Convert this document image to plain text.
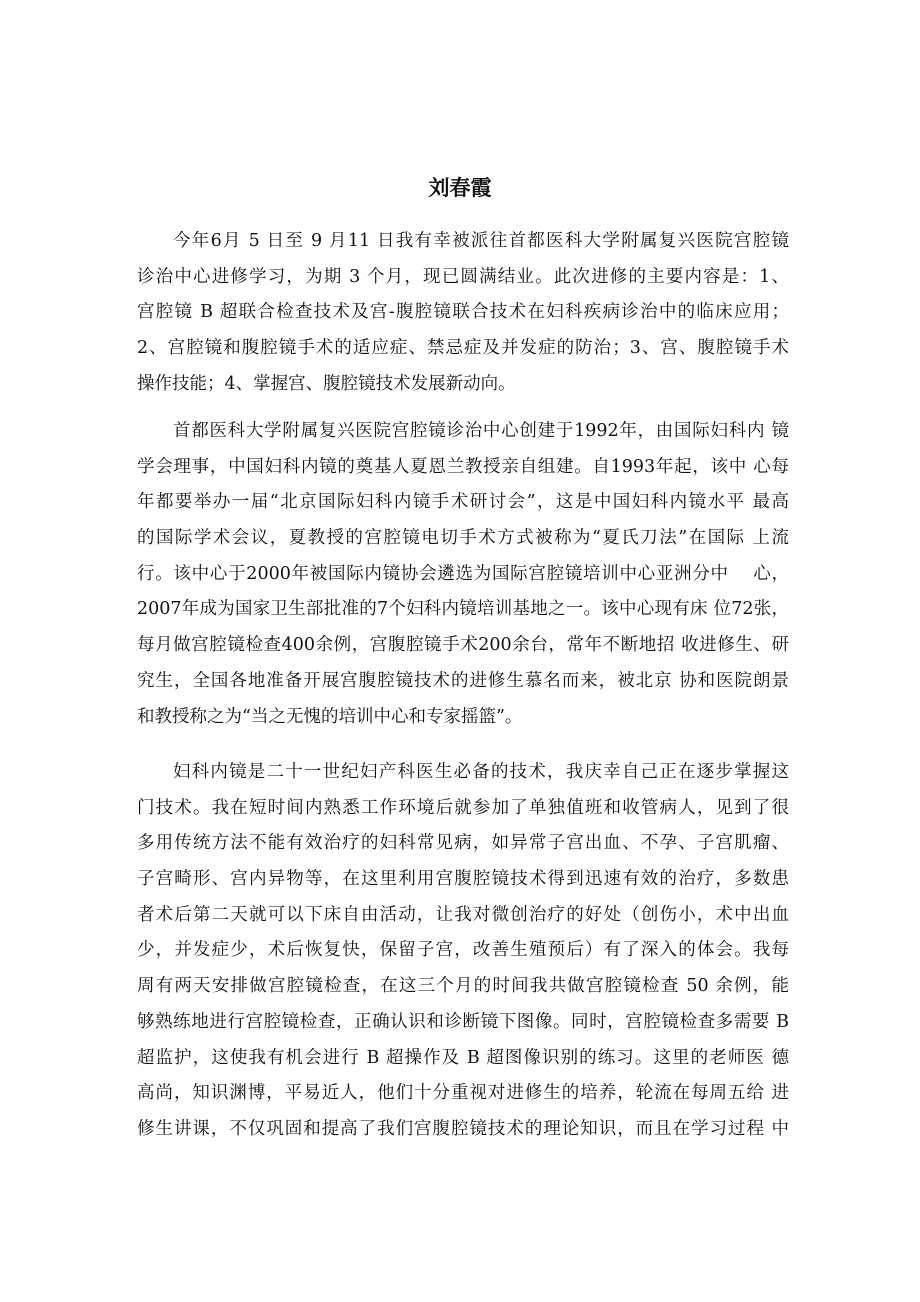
刘春霞
今年6月 5 日至 9 月11 日我有幸被派往首都医科大学附属复兴医院宫腔镜
诊治中心进修学习，为期 3 个月，现已圆满结业。此次进修的主要内容是：1、
宫腔镜 B 超联合检查技术及宫-腹腔镜联合技术在妇科疾病诊治中的临床应用；
2、宫腔镜和腹腔镜手术的适应症、禁忌症及并发症的防治；3、宫、腹腔镜手术
操作技能；4、掌握宫、腹腔镜技术发展新动向。
首都医科大学附属复兴医院宫腔镜诊治中心创建于1992年，由国际妇科内 镜
学会理事，中国妇科内镜的奠基人夏恩兰教授亲自组建。自1993年起，该中 心每
年都要举办一届“北京国际妇科内镜手术研讨会”，这是中国妇科内镜水平 最高
的国际学术会议，夏教授的宫腔镜电切手术方式被称为“夏氏刀法”在国际 上流
行。该中心于2000年被国际内镜协会遴选为国际宫腔镜培训中心亚洲分中 　心，
2007年成为国家卫生部批准的7个妇科内镜培训基地之一。该中心现有床 位72张，
每月做宫腔镜检查400余例，宫腹腔镜手术200余台，常年不断地招 收进修生、研
究生，全国各地准备开展宫腹腔镜技术的进修生慕名而来，被北京 协和医院朗景
和教授称之为“当之无愧的培训中心和专家摇篮”。
妇科内镜是二十一世纪妇产科医生必备的技术，我庆幸自己正在逐步掌握这
门技术。我在短时间内熟悉工作环境后就参加了单独值班和收管病人，见到了很
多用传统方法不能有效治疗的妇科常见病，如异常子宫出血、不孕、子宫肌瘤、
子宫畸形、宫内异物等，在这里利用宫腹腔镜技术得到迅速有效的治疗，多数患
者术后第二天就可以下床自由活动，让我对微创治疗的好处（创伤小，术中出血
少，并发症少，术后恢复快，保留子宫，改善生殖预后）有了深入的体会。我每
周有两天安排做宫腔镜检查，在这三个月的时间我共做宫腔镜检查 50 余例，能
够熟练地进行宫腔镜检查，正确认识和诊断镜下图像。同时，宫腔镜检查多需要 B
超监护，这使我有机会进行 B 超操作及 B 超图像识别的练习。这里的老师医 德
高尚，知识渊博，平易近人，他们十分重视对进修生的培养，轮流在每周五给 进
修生讲课，不仅巩固和提高了我们宫腹腔镜技术的理论知识，而且在学习过程 中
